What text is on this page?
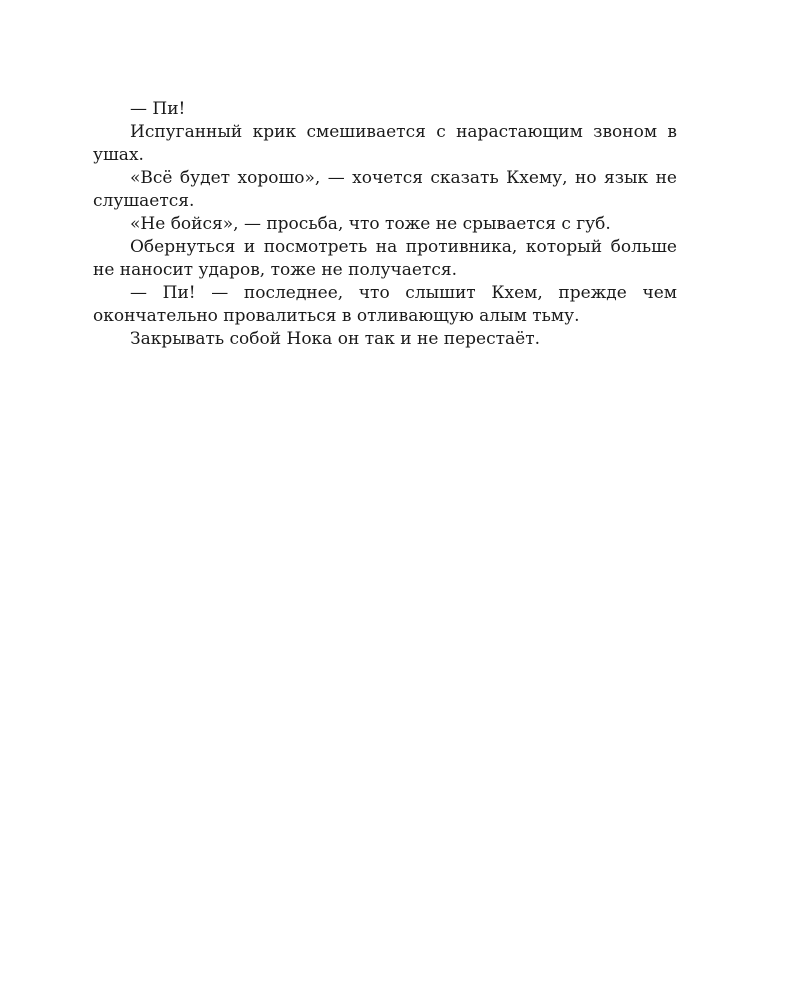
— Пи!

Испуганный крик смешивается с нарастающим звоном в ушах.

«Всё будет хорошо», — хочется сказать Кхему, но язык не слушается.

«Не бойся», — просьба, что тоже не срывается с губ.

Обернуться и посмотреть на противника, который больше не наносит ударов, тоже не получается.

— Пи! — последнее, что слышит Кхем, прежде чем окончательно провалиться в отливающую алым тьму.

Закрывать собой Нока он так и не перестаёт.
